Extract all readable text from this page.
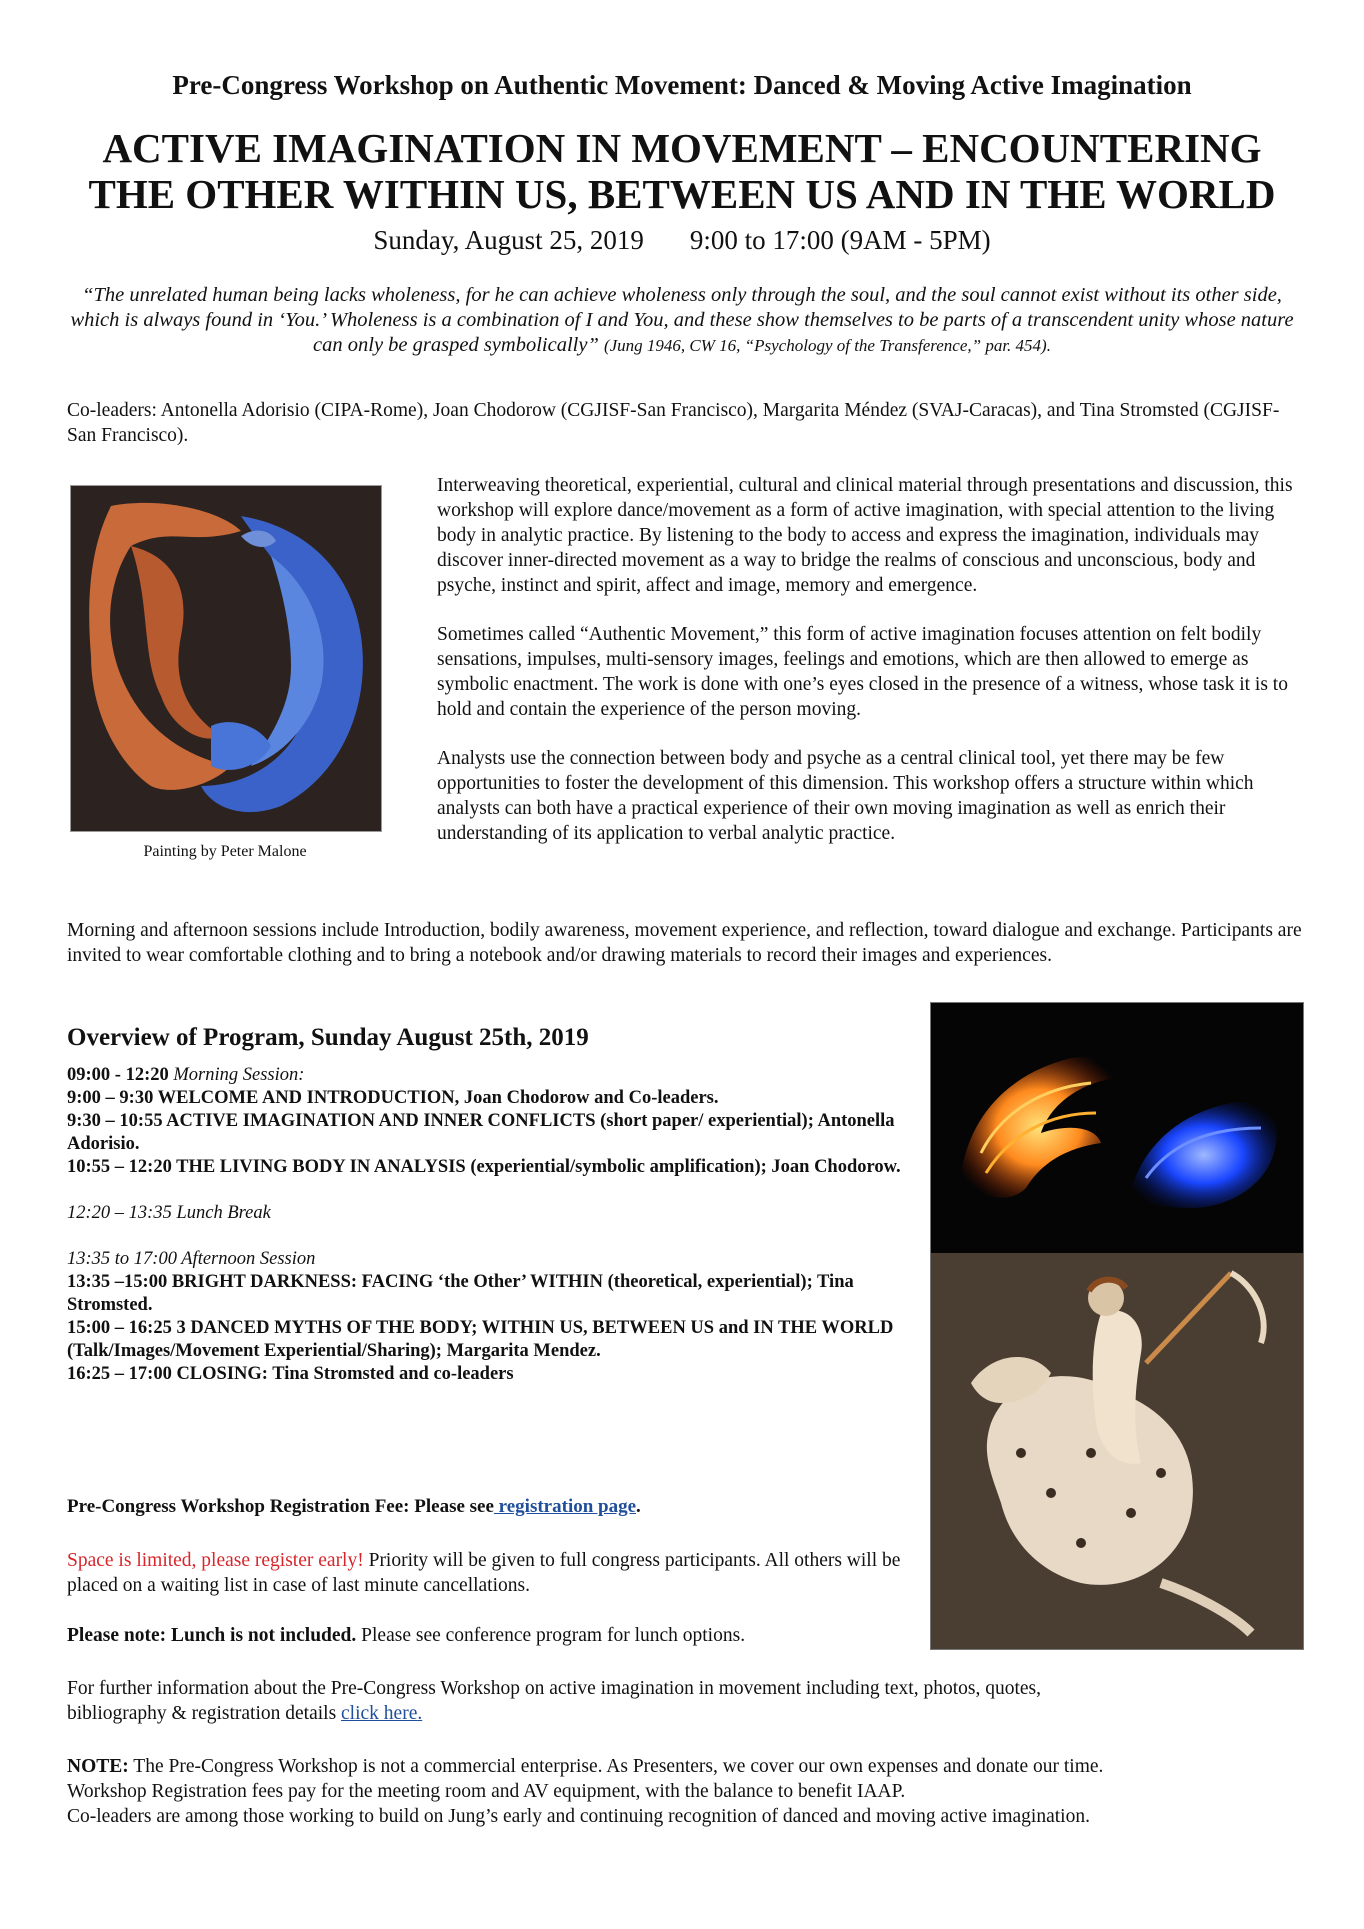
Pre-Congress Workshop on Authentic Movement: Danced & Moving Active Imagination
ACTIVE IMAGINATION IN MOVEMENT – ENCOUNTERING
THE OTHER WITHIN US, BETWEEN US AND IN THE WORLD
Sunday, August 25, 2019 9:00 to 17:00 (9AM - 5PM)
“The unrelated human being lacks wholeness, for he can achieve wholeness only through the soul, and the soul cannot exist without its other side, which is always found in ‘You.’ Wholeness is a combination of I and You, and these show themselves to be parts of a transcendent unity whose nature can only be grasped symbolically” (Jung 1946, CW 16, “Psychology of the Transference,” par. 454).
Co-leaders: Antonella Adorisio (CIPA-Rome), Joan Chodorow (CGJISF-San Francisco), Margarita Méndez (SVAJ-Caracas), and Tina Stromsted (CGJISF-San Francisco).
Painting by Peter Malone

Interweaving theoretical, experiential, cultural and clinical material through presentations and discussion, this workshop will explore dance/movement as a form of active imagination, with special attention to the living body in analytic practice. By listening to the body to access and express the imagination, individuals may discover inner-directed movement as a way to bridge the realms of conscious and unconscious, body and psyche, instinct and spirit, affect and image, memory and emergence.

Sometimes called “Authentic Movement,” this form of active imagination focuses attention on felt bodily sensations, impulses, multi-sensory images, feelings and emotions, which are then allowed to emerge as symbolic enactment. The work is done with one’s eyes closed in the presence of a witness, whose task it is to hold and contain the experience of the person moving.

Analysts use the connection between body and psyche as a central clinical tool, yet there may be few opportunities to foster the development of this dimension. This workshop offers a structure within which analysts can both have a practical experience of their own moving imagination as well as enrich their understanding of its application to verbal analytic practice.

Morning and afternoon sessions include Introduction, bodily awareness, movement experience, and reflection, toward dialogue and exchange. Participants are invited to wear comfortable clothing and to bring a notebook and/or drawing materials to record their images and experiences.
Overview of Program, Sunday August 25th, 2019
09:00 - 12:20 Morning Session:
9:00 – 9:30 WELCOME AND INTRODUCTION, Joan Chodorow and Co-leaders.
9:30 – 10:55 ACTIVE IMAGINATION AND INNER CONFLICTS (short paper/ experiential); Antonella Adorisio.
10:55 – 12:20 THE LIVING BODY IN ANALYSIS (experiential/symbolic amplification); Joan Chodorow.
12:20 – 13:35 Lunch Break
13:35 to 17:00 Afternoon Session
13:35 –15:00 BRIGHT DARKNESS: FACING ‘the Other’ WITHIN (theoretical, experiential); Tina Stromsted.
15:00 – 16:25 3 DANCED MYTHS OF THE BODY; WITHIN US, BETWEEN US and IN THE WORLD (Talk/Images/Movement Experiential/Sharing); Margarita Mendez.
16:25 – 17:00 CLOSING: Tina Stromsted and co-leaders
Pre-Congress Workshop Registration Fee: Please see registration page.
Space is limited, please register early! Priority will be given to full congress participants. All others will be placed on a waiting list in case of last minute cancellations.
Please note: Lunch is not included. Please see conference program for lunch options.
For further information about the Pre-Congress Workshop on active imagination in movement including text, photos, quotes, bibliography & registration details click here.
NOTE: The Pre-Congress Workshop is not a commercial enterprise. As Presenters, we cover our own expenses and donate our time.
Workshop Registration fees pay for the meeting room and AV equipment, with the balance to benefit IAAP.
Co-leaders are among those working to build on Jung’s early and continuing recognition of danced and moving active imagination.
